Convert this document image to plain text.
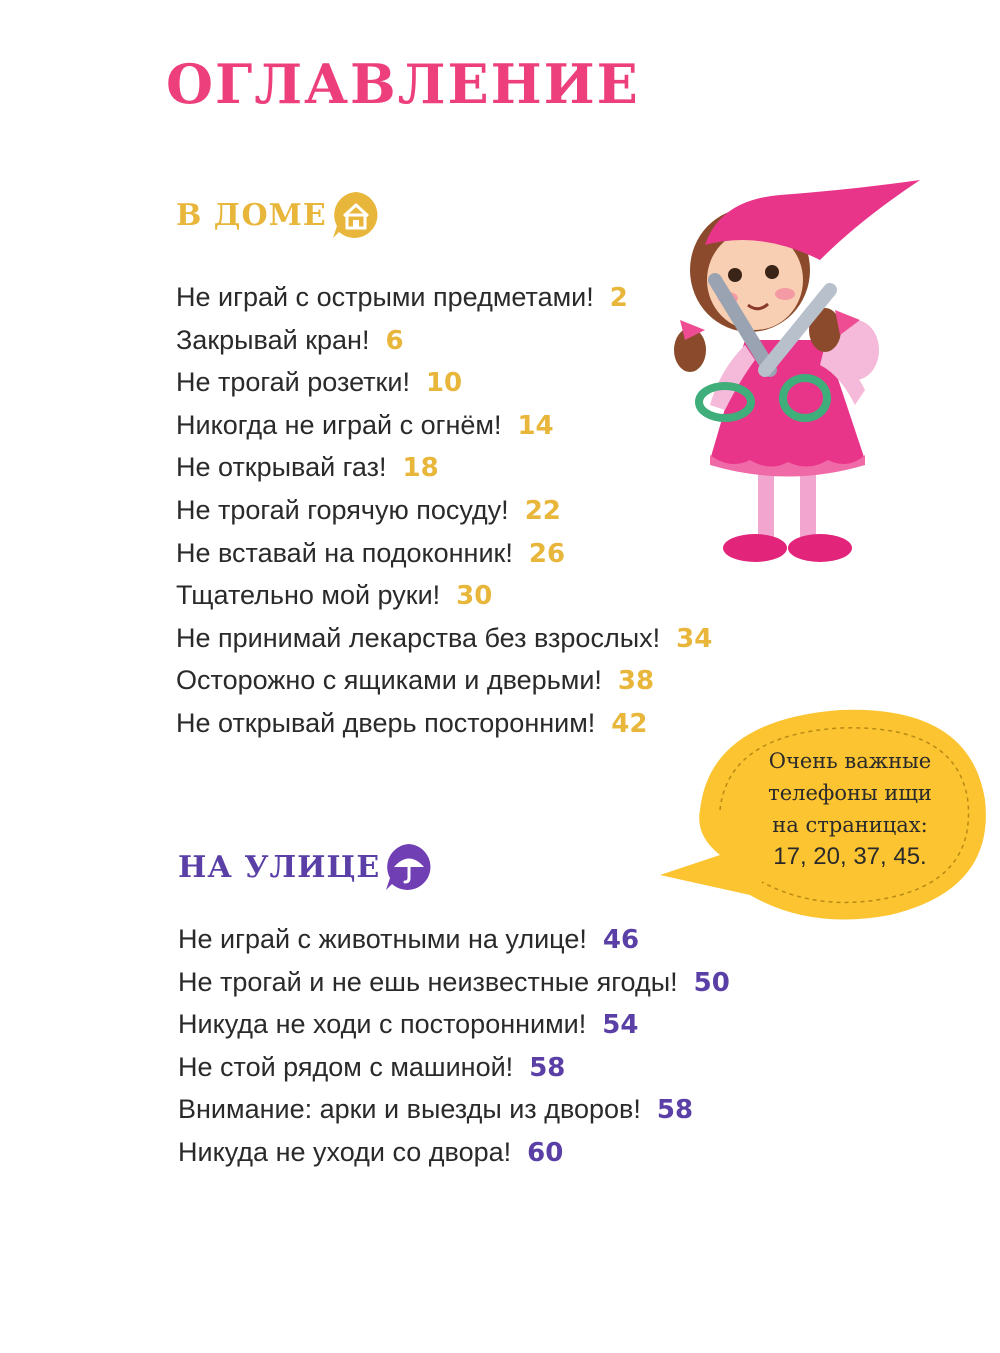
ОГЛАВЛЕНИЕ
В ДОМЕ
Не играй с острыми предметами! 2
Закрывай кран! 6
Не трогай розетки! 10
Никогда не играй с огнём! 14
Не открывай газ! 18
Не трогай горячую посуду! 22
Не вставай на подоконник! 26
Тщательно мой руки! 30
Не принимай лекарства без взрослых! 34
Осторожно с ящиками и дверьми! 38
Не открывай дверь посторонним! 42
Очень важные
телефоны ищи
на страницах:
17, 20, 37, 45.
НА УЛИЦЕ
Не играй с животными на улице! 46
Не трогай и не ешь неизвестные ягоды! 50
Никуда не ходи с посторонними! 54
Не стой рядом с машиной! 58
Внимание: арки и выезды из дворов! 58
Никуда не уходи со двора! 60
